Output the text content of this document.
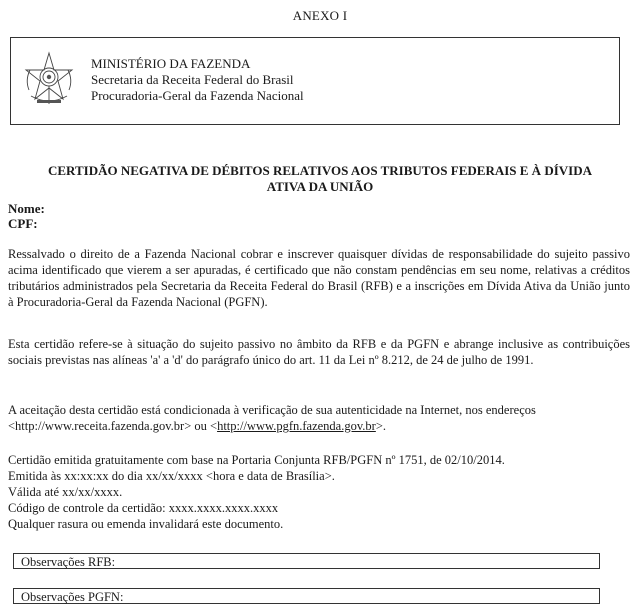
ANEXO I
MINISTÉRIO DA FAZENDA
Secretaria da Receita Federal do Brasil
Procuradoria-Geral da Fazenda Nacional
CERTIDÃO NEGATIVA DE DÉBITOS RELATIVOS AOS TRIBUTOS FEDERAIS E À DÍVIDA
ATIVA DA UNIÃO
Nome:
CPF:

Ressalvado o direito de a Fazenda Nacional cobrar e inscrever quaisquer dívidas de responsabilidade do sujeito passivo acima identificado que vierem a ser apuradas, é certificado que não constam pendências em seu nome, relativas a créditos tributários administrados pela Secretaria da Receita Federal do Brasil (RFB) e a inscrições em Dívida Ativa da União junto à Procuradoria-Geral da Fazenda Nacional (PGFN).

Esta certidão refere-se à situação do sujeito passivo no âmbito da RFB e da PGFN e abrange inclusive as contribuições sociais previstas nas alíneas 'a' a 'd' do parágrafo único do art. 11 da Lei nº 8.212, de 24 de julho de 1991.

A aceitação desta certidão está condicionada à verificação de sua autenticidade na Internet, nos endereços
<http://www.receita.fazenda.gov.br> ou <http://www.pgfn.fazenda.gov.br>.

Certidão emitida gratuitamente com base na Portaria Conjunta RFB/PGFN nº 1751, de 02/10/2014.
Emitida às xx:xx:xx do dia xx/xx/xxxx <hora e data de Brasília>.
Válida até xx/xx/xxxx.
Código de controle da certidão: xxxx.xxxx.xxxx.xxxx
Qualquer rasura ou emenda invalidará este documento.
Observações RFB:
Observações PGFN:
